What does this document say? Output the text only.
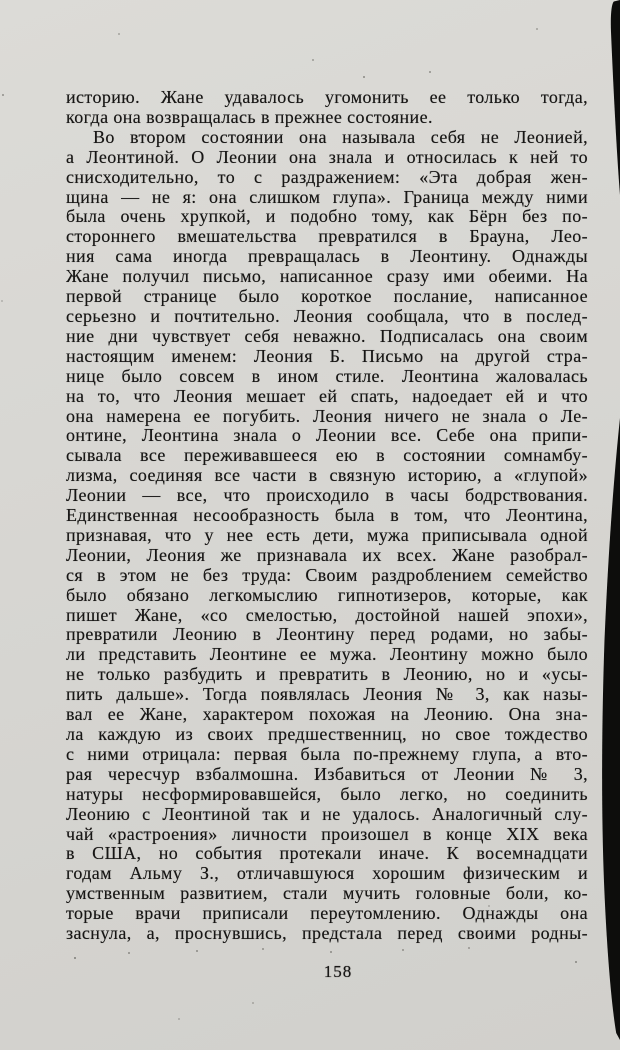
историю. Жане удавалось угомонить ее только тогда,
когда она возвращалась в прежнее состояние.
Во втором состоянии она называла себя не Леонией,
а Леонтиной. О Леонии она знала и относилась к ней то
снисходительно, то с раздражением: «Эта добрая жен-
щина — не я: она слишком глупа». Граница между ними
была очень хрупкой, и подобно тому, как Бёрн без по-
стороннего вмешательства превратился в Брауна, Лео-
ния сама иногда превращалась в Леонтину. Однажды
Жане получил письмо, написанное сразу ими обеими. На
первой странице было короткое послание, написанное
серьезно и почтительно. Леония сообщала, что в послед-
ние дни чувствует себя неважно. Подписалась она своим
настоящим именем: Леония Б. Письмо на другой стра-
нице было совсем в ином стиле. Леонтина жаловалась
на то, что Леония мешает ей спать, надоедает ей и что
она намерена ее погубить. Леония ничего не знала о Ле-
онтине, Леонтина знала о Леонии все. Себе она припи-
сывала все переживавшееся ею в состоянии сомнамбу-
лизма, соединяя все части в связную историю, а «глупой»
Леонии — все, что происходило в часы бодрствования.
Единственная несообразность была в том, что Леонтина,
признавая, что у нее есть дети, мужа приписывала одной
Леонии, Леония же признавала их всех. Жане разобрал-
ся в этом не без труда: Своим раздроблением семейство
было обязано легкомыслию гипнотизеров, которые, как
пишет Жане, «со смелостью, достойной нашей эпохи»,
превратили Леонию в Леонтину перед родами, но забы-
ли представить Леонтине ее мужа. Леонтину можно было
не только разбудить и превратить в Леонию, но и «усы-
пить дальше». Тогда появлялась Леония № 3, как назы-
вал ее Жане, характером похожая на Леонию. Она зна-
ла каждую из своих предшественниц, но свое тождество
с ними отрицала: первая была по-прежнему глупа, а вто-
рая чересчур взбалмошна. Избавиться от Леонии № 3,
натуры несформировавшейся, было легко, но соединить
Леонию с Леонтиной так и не удалось. Аналогичный слу-
чай «растроения» личности произошел в конце XIX века
в США, но события протекали иначе. К восемнадцати
годам Альму З., отличавшуюся хорошим физическим и
умственным развитием, стали мучить головные боли, ко-
торые врачи приписали переутомлению. Однажды она
заснула, а, проснувшись, предстала перед своими родны-
158
